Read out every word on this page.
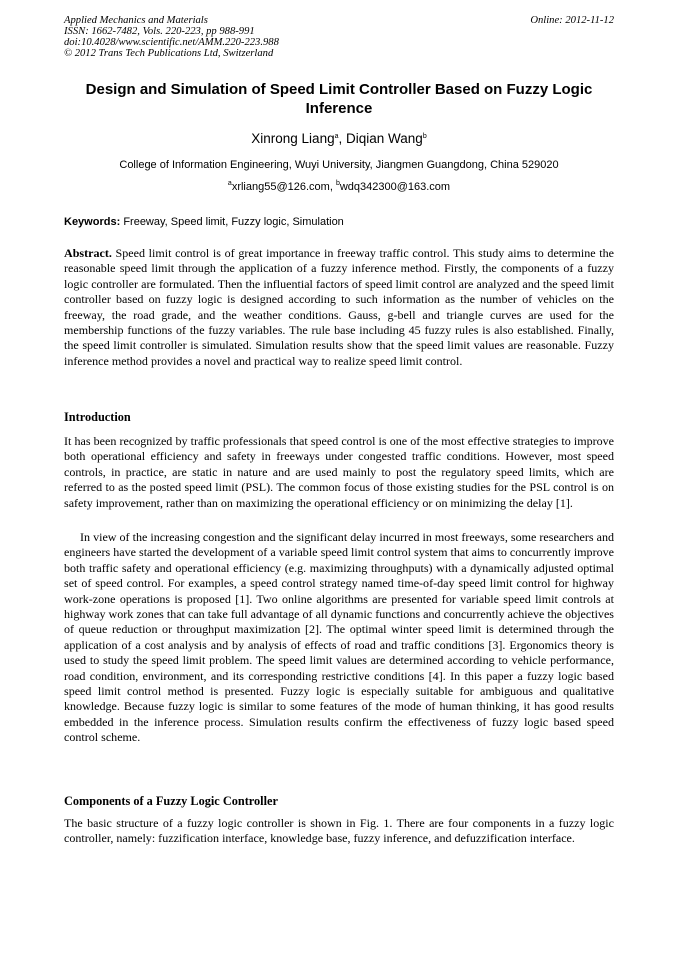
Applied Mechanics and Materials
ISSN: 1662-7482, Vols. 220-223, pp 988-991
doi:10.4028/www.scientific.net/AMM.220-223.988
© 2012 Trans Tech Publications Ltd, Switzerland
Online: 2012-11-12
Design and Simulation of Speed Limit Controller Based on Fuzzy Logic Inference
Xinrong Liang$^a$, Diqian Wang$^b$
College of Information Engineering, Wuyi University, Jiangmen Guangdong, China 529020
$^a$xrliang55@126.com, $^b$wdq342300@163.com
Keywords: Freeway, Speed limit, Fuzzy logic, Simulation

Abstract. Speed limit control is of great importance in freeway traffic control. This study aims to determine the reasonable speed limit through the application of a fuzzy inference method. Firstly, the components of a fuzzy logic controller are formulated. Then the influential factors of speed limit control are analyzed and the speed limit controller based on fuzzy logic is designed according to such information as the number of vehicles on the freeway, the road grade, and the weather conditions. Gauss, g-bell and triangle curves are used for the membership functions of the fuzzy variables. The rule base including 45 fuzzy rules is also established. Finally, the speed limit controller is simulated. Simulation results show that the speed limit values are reasonable. Fuzzy inference method provides a novel and practical way to realize speed limit control.

Introduction

It has been recognized by traffic professionals that speed control is one of the most effective strategies to improve both operational efficiency and safety in freeways under congested traffic conditions. However, most speed controls, in practice, are static in nature and are used mainly to post the regulatory speed limits, which are referred to as the posted speed limit (PSL). The common focus of those existing studies for the PSL control is on safety improvement, rather than on maximizing the operational efficiency or on minimizing the delay [1].

In view of the increasing congestion and the significant delay incurred in most freeways, some researchers and engineers have started the development of a variable speed limit control system that aims to concurrently improve both traffic safety and operational efficiency (e.g. maximizing throughputs) with a dynamically adjusted optimal set of speed control. For examples, a speed control strategy named time-of-day speed limit control for highway work-zone operations is proposed [1]. Two online algorithms are presented for variable speed limit controls at highway work zones that can take full advantage of all dynamic functions and concurrently achieve the objectives of queue reduction or throughput maximization [2]. The optimal winter speed limit is determined through the application of a cost analysis and by analysis of effects of road and traffic conditions [3]. Ergonomics theory is used to study the speed limit problem. The speed limit values are determined according to vehicle performance, road condition, environment, and its corresponding restrictive conditions [4]. In this paper a fuzzy logic based speed limit control method is presented. Fuzzy logic is especially suitable for ambiguous and qualitative knowledge. Because fuzzy logic is similar to some features of the mode of human thinking, it has good results embedded in the inference process. Simulation results confirm the effectiveness of fuzzy logic based speed control scheme.

Components of a Fuzzy Logic Controller

The basic structure of a fuzzy logic controller is shown in Fig. 1. There are four components in a fuzzy logic controller, namely: fuzzification interface, knowledge base, fuzzy inference, and defuzzification interface.
